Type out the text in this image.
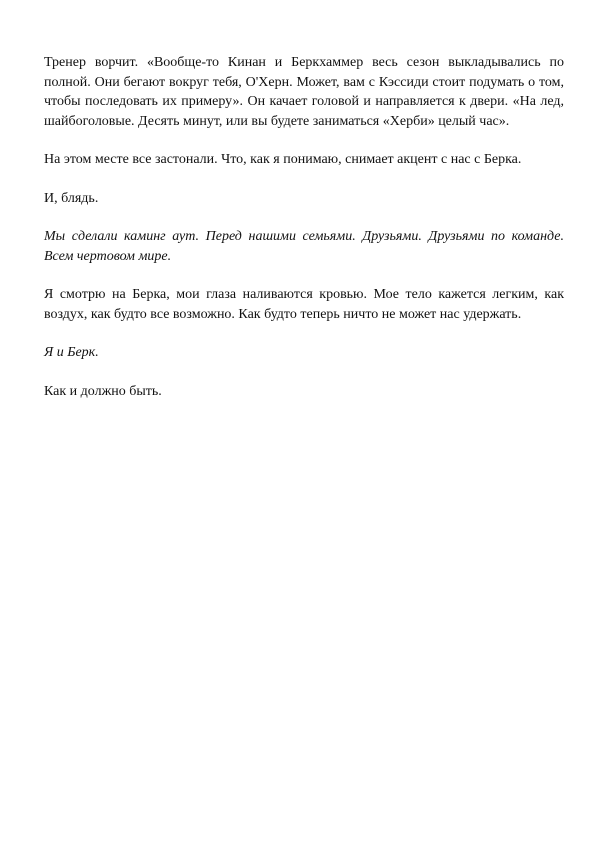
Тренер ворчит. «Вообще-то Кинан и Беркхаммер весь сезон выкладывались по полной. Они бегают вокруг тебя, О'Херн. Может, вам с Кэссиди стоит подумать о том, чтобы последовать их примеру». Он качает головой и направляется к двери. «На лед, шайбоголовые. Десять минут, или вы будете заниматься «Херби» целый час».

На этом месте все застонали. Что, как я понимаю, снимает акцент с нас с Берка.

И, блядь.

Мы сделали каминг аут. Перед нашими семьями. Друзьями. Друзьями по команде. Всем чертовом мире.

Я смотрю на Берка, мои глаза наливаются кровью. Мое тело кажется легким, как воздух, как будто все возможно. Как будто теперь ничто не может нас удержать.

Я и Берк.

Как и должно быть.
